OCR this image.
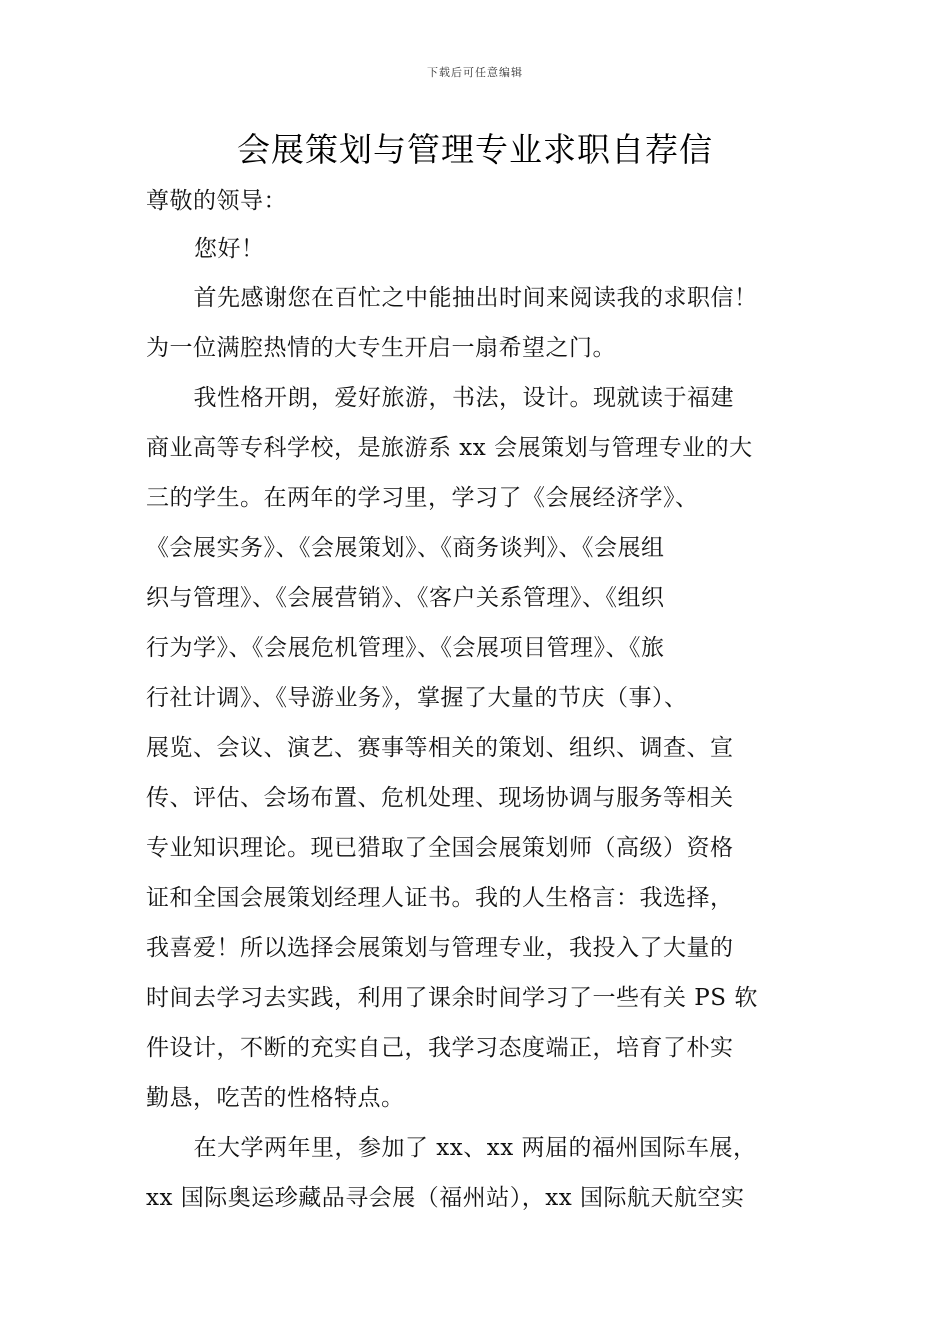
下载后可任意编辑
会展策划与管理专业求职自荐信
尊敬的领导：
您好！
　首先感谢您在百忙之中能抽出时间来阅读我的求职信！
为一位满腔热情的大专生开启一扇希望之门。
　我性格开朗，爱好旅游，书法，设计。现就读于福建
商业高等专科学校，是旅游系 xx 会展策划与管理专业的大
三的学生。在两年的学习里，学习了《会展经济学》、
《会展实务》、《会展策划》、《商务谈判》、《会展组
织与管理》、《会展营销》、《客户关系管理》、《组织
行为学》、《会展危机管理》、《会展项目管理》、《旅
行社计调》、《导游业务》，掌握了大量的节庆（事）、
展览、会议、演艺、赛事等相关的策划、组织、调查、宣
传、评估、会场布置、危机处理、现场协调与服务等相关
专业知识理论。现已猎取了全国会展策划师（高级）资格
证和全国会展策划经理人证书。我的人生格言：我选择，
我喜爱！所以选择会展策划与管理专业，我投入了大量的
时间去学习去实践，利用了课余时间学习了一些有关 PS 软
件设计，不断的充实自己，我学习态度端正，培育了朴实
勤恳，吃苦的性格特点。
　在大学两年里，参加了 xx、xx 两届的福州国际车展，
xx 国际奥运珍藏品寻会展（福州站），xx 国际航天航空实
